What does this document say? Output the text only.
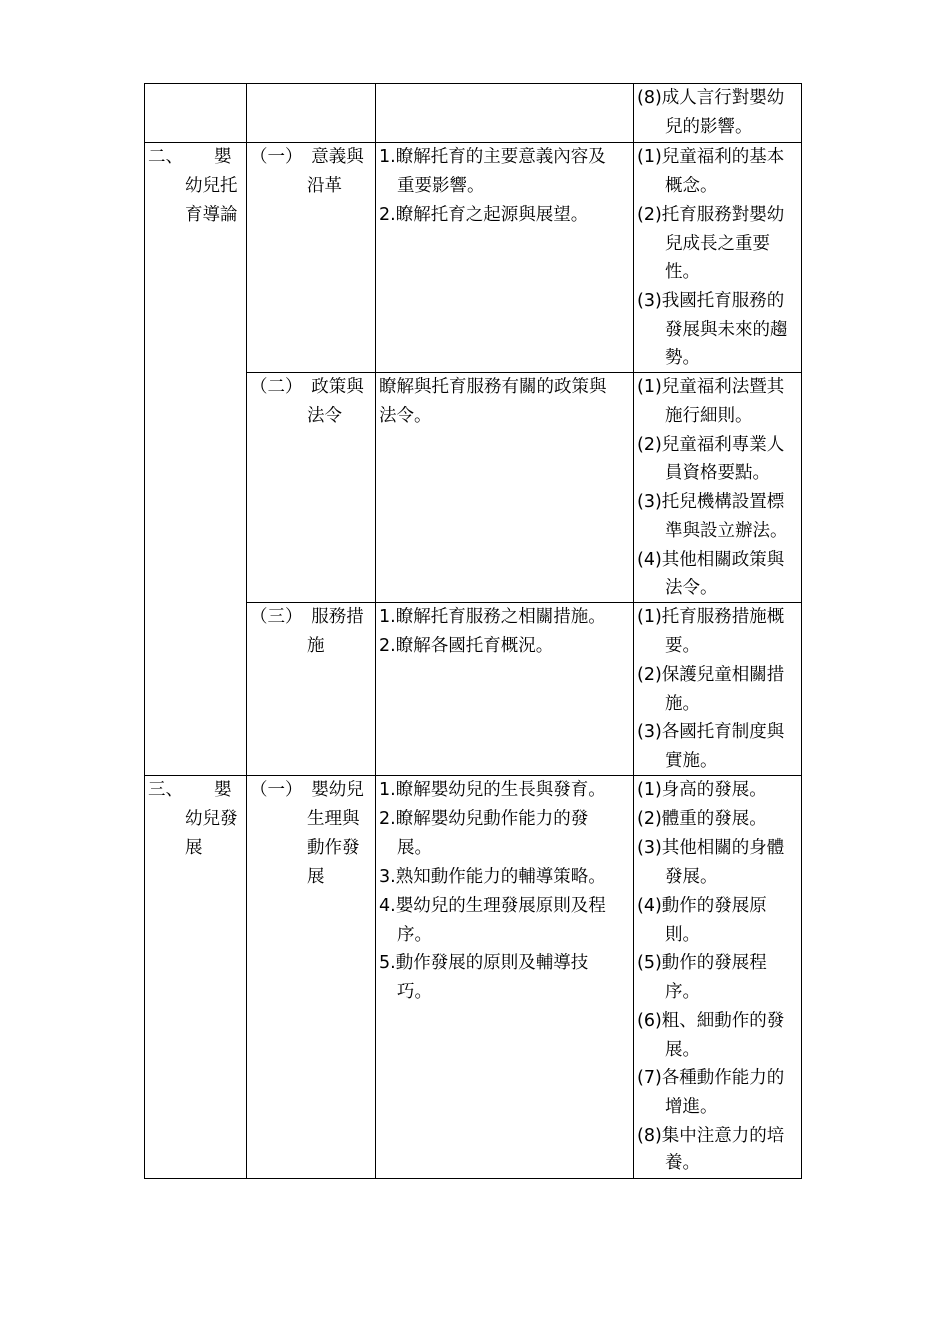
(8)成人言行對嬰幼
兒的影響。
二、 嬰
幼兒托
育導論
（一）　意義與
沿革
1.瞭解托育的主要意義內容及
重要影響。
2.瞭解托育之起源與展望。
(1)兒童福利的基本
概念。
(2)托育服務對嬰幼
兒成長之重要
性。
(3)我國托育服務的
發展與未來的趨
勢。
（二）　政策與
法令
瞭解與托育服務有關的政策與
法令。
(1)兒童福利法暨其
施行細則。
(2)兒童福利專業人
員資格要點。
(3)托兒機構設置標
準與設立辦法。
(4)其他相關政策與
法令。
（三）　服務措
施
1.瞭解托育服務之相關措施。
2.瞭解各國托育概況。
(1)托育服務措施概
要。
(2)保護兒童相關措
施。
(3)各國托育制度與
實施。
三、 嬰
幼兒發
展
（一）　嬰幼兒
生理與
動作發
展
1.瞭解嬰幼兒的生長與發育。
2.瞭解嬰幼兒動作能力的發
展。
3.熟知動作能力的輔導策略。
4.嬰幼兒的生理發展原則及程
序。
5.動作發展的原則及輔導技
巧。
(1)身高的發展。
(2)體重的發展。
(3)其他相關的身體
發展。
(4)動作的發展原
則。
(5)動作的發展程
序。
(6)粗、細動作的發
展。
(7)各種動作能力的
增進。
(8)集中注意力的培
養。
